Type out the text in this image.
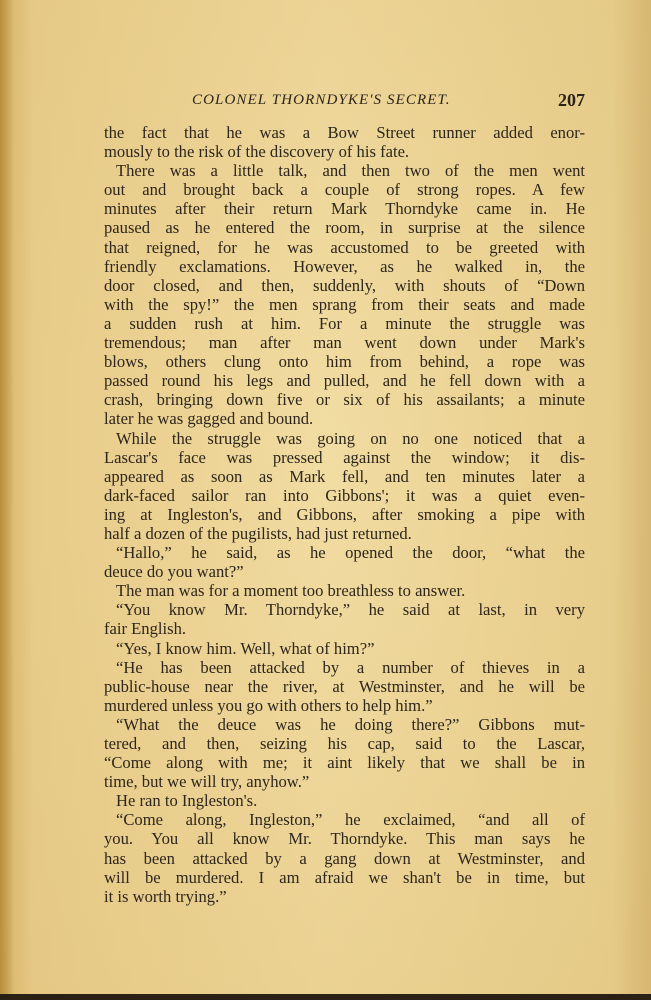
COLONEL THORNDYKE'S SECRET.	207
the fact that he was a Bow Street runner added enor-
mously to the risk of the discovery of his fate.
There was a little talk, and then two of the men went
out and brought back a couple of strong ropes. A few
minutes after their return Mark Thorndyke came in. He
paused as he entered the room, in surprise at the silence
that reigned, for he was accustomed to be greeted with
friendly exclamations. However, as he walked in, the
door closed, and then, suddenly, with shouts of “Down
with the spy!” the men sprang from their seats and made
a sudden rush at him. For a minute the struggle was
tremendous; man after man went down under Mark's
blows, others clung onto him from behind, a rope was
passed round his legs and pulled, and he fell down with a
crash, bringing down five or six of his assailants; a minute
later he was gagged and bound.
While the struggle was going on no one noticed that a
Lascar's face was pressed against the window; it dis-
appeared as soon as Mark fell, and ten minutes later a
dark-faced sailor ran into Gibbons'; it was a quiet even-
ing at Ingleston's, and Gibbons, after smoking a pipe with
half a dozen of the pugilists, had just returned.
“Hallo,” he said, as he opened the door, “what the
deuce do you want?”
The man was for a moment too breathless to answer.
“You know Mr. Thorndyke,” he said at last, in very
fair English.
“Yes, I know him. Well, what of him?”
“He has been attacked by a number of thieves in a
public-house near the river, at Westminster, and he will be
murdered unless you go with others to help him.”
“What the deuce was he doing there?” Gibbons mut-
tered, and then, seizing his cap, said to the Lascar,
“Come along with me; it aint likely that we shall be in
time, but we will try, anyhow.”
He ran to Ingleston's.
“Come along, Ingleston,” he exclaimed, “and all of
you. You all know Mr. Thorndyke. This man says he
has been attacked by a gang down at Westminster, and
will be murdered. I am afraid we shan't be in time, but
it is worth trying.”
